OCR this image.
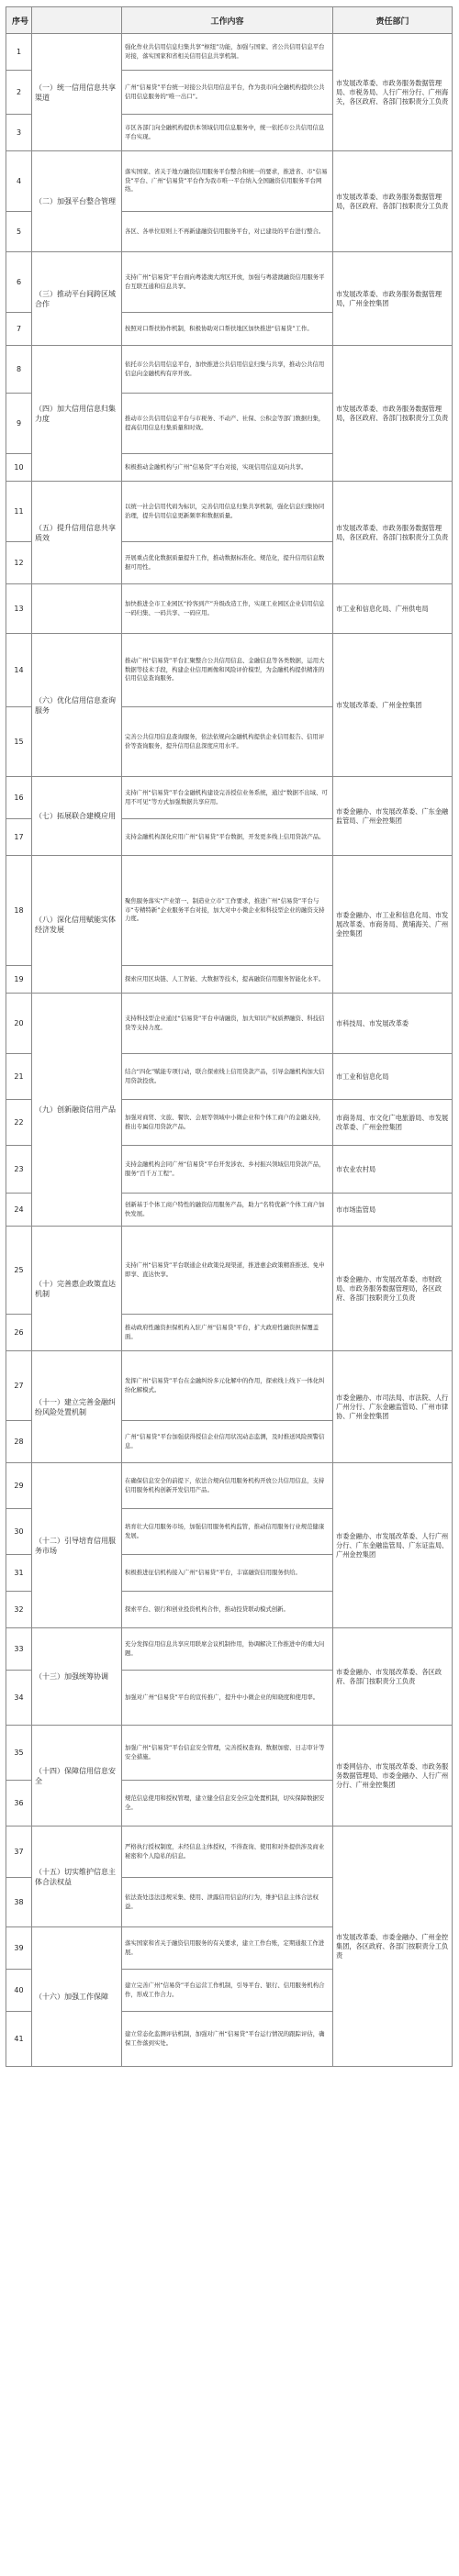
序号		工作内容	责任部门
1	（一）统一信用信息共享渠道	强化作业共信用信息归集共享“枢纽”功能，加强与国家、省公共信用信息平台对接，落实国家和省相关信用信息共享机制。	市发展改革委、市政务服务数据管理局、市税务局、人行广州分行、广州海关，各区政府、各部门按职责分工负责
2		广州“信易贷”平台统一对接公共信用信息平台，作为我市向全融机构提供公共信用信息服务的“唯一出口”。	
3		市区各部门向全融机构提供本领域信用信息服务中，统一依托市公共信用信息平台实现。	
4	（二）加强平台整合管理	落实国家、省关于地方融资信用服务平台整合和统一的要求，推进省、市“信易贷”平台、广州“信易贷”平台作为我市唯一平台纳入全国融资信用服务平台网络。	市发展改革委、市政务服务数据管理局，各区政府、各部门按职责分工负责
5		各区、各单位原则上不再新建融资信用服务平台，对已建设的平台进行整合。	
6	（三）推动平台间跨区域合作	支持广州“信易贷”平台面向粤港澳大湾区开放，加强与粤港澳融资信用服务平台互联互通和信息共享。	市发展改革委、市政务服务数据管理局，广州金控集团
7		按照对口帮扶协作机制，积极协助对口帮扶地区加快推进“信易贷”工作。	
8	（四）加大信用信息归集力度	依托市公共信用信息平台，加快推进公共信用信息归集与共享，推动公共信用信息向金融机构有序开放。	市发展改革委、市政务服务数据管理局，各区政府、各部门按职责分工负责
9		推动市公共信用信息平台与市税务、不动产、社保、公积金等部门数据归集，提高信用信息归集质量和时效。	
10		积极推动金融机构与广州“信易贷”平台对接，实现信用信息双向共享。	
11	（五）提升信用信息共享质效	以统一社会信用代码为标识，完善信用信息归集共享机制，强化信息归集协同治理，提升信用信息更新频率和数据质量。	市发展改革委、市政务服务数据管理局，各区政府、各部门按职责分工负责
12		开展重点优化数据质量提升工作，推动数据标准化、规范化，提升信用信息数据可用性。	
13		加快推进全市工业园区“拎客到产”升级改造工作，实现工业园区企业信用信息一码归集、一码共享、一码应用。	市工业和信息化局、广州供电局
14	（六）优化信用信息查询服务	推动广州“信易贷”平台汇聚整合公共信用信息、金融信息等各类数据，运用大数据等技术手段，构建企业信用画像和风险评价模型，为金融机构提供精准的信用信息查询服务。	市发展改革委、广州金控集团
15		完善公共信用信息查询服务，依法依规向金融机构提供企业信用报告、信用评价等查询服务，提升信用信息深度应用水平。	
16	（七）拓展联合建模应用	支持广州“信易贷”平台金融机构建设完善授信业务系统，通过“数据不出域、可用不可见”等方式加强数据共享应用。	市委金融办、市发展改革委、广东金融监管局、广州金控集团
17		支持金融机构深化应用广州“信易贷”平台数据，开发更多线上信用贷款产品。	
18	（八）深化信用赋能实体经济发展	聚焦服务落实“产业第一、制造业立市”工作要求，推进广州“信易贷”平台与市“专精特新”企业服务平台对接，加大对中小微企业和科技型企业的融资支持力度。	市委金融办、市工业和信息化局、市发展改革委、市商务局、黄埔海关、广州金控集团
19		探索应用区块链、人工智能、大数据等技术，提高融资信用服务智能化水平。	
20	（九）创新融资信用产品	支持科技型企业通过“信易贷”平台申请融资，加大知识产权质押融资、科技信贷等支持力度。	市科技局、市发展改革委
21		结合“四化”赋能专项行动，联合探索线上信用贷款产品，引导金融机构加大信用贷款投放。	市工业和信息化局
22		加强对商贸、文旅、餐饮、会展等领域中小微企业和个体工商户的金融支持，推出专属信用贷款产品。	市商务局、市文化广电旅游局、市发展改革委、广州金控集团
23		支持金融机构会同广州“信易贷”平台开发涉农、乡村振兴领域信用贷款产品，服务“百千万工程”。	市农业农村局
24		创新基于个体工商户特性的融资信用服务产品，助力“名特优新”个体工商户加快发展。	市市场监管局
25	（十）完善惠企政策直达机制	支持广州“信易贷”平台联通企业政策兑现渠道，推进惠企政策精准推送、免申即享、直达快享。	市委金融办、市发展改革委、市财政局、市政务服务数据管理局，各区政府、各部门按职责分工负责
26		推动政府性融资担保机构入驻广州“信易贷”平台，扩大政府性融资担保覆盖面。	
27	（十一）建立完善金融纠纷风险处置机制	发挥广州“信易贷”平台在金融纠纷多元化解中的作用，探索线上线下一体化纠纷化解模式。	市委金融办、市司法局、市法院、人行广州分行、广东金融监管局、广州市律协、广州金控集团
28		广州“信易贷”平台加强获得授信企业信用状况动态监测，及时推送风险预警信息。	
29	（十二）引导培育信用服务市场	在确保信息安全的前提下，依法合规向信用服务机构开放公共信用信息，支持信用服务机构创新开发信用产品。	市委金融办、市发展改革委、人行广州分行、广东金融监管局、广东证监局、广州金控集团
30		培育壮大信用服务市场，加强信用服务机构监管，推动信用服务行业规范健康发展。	
31		积极推进征信机构接入广州“信易贷”平台，丰富融资信用服务供给。	
32		探索平台、银行和创业投资机构合作，推动投贷联动模式创新。	
33	（十三）加强统筹协调	充分发挥信用信息共享应用联席会议机制作用，协调解决工作推进中的重大问题。	市委金融办、市发展改革委、各区政府、各部门按职责分工负责
34		加强对广州“信易贷”平台的宣传推广，提升中小微企业的知晓度和使用率。	
35	（十四）保障信用信息安全	加强广州“信易贷”平台信息安全管理，完善授权查询、数据加密、日志审计等安全措施。	市委网信办、市发展改革委、市政务服务数据管理局、市委金融办、人行广州分行、广州金控集团
36		规范信息使用和授权管理，建立健全信息安全应急处置机制，切实保障数据安全。	
37	（十五）切实维护信息主体合法权益	严格执行授权制度，未经信息主体授权，不得查询、使用和对外提供涉及商业秘密和个人隐私的信息。	市发展改革委、市委金融办、广州金控集团，各区政府、各部门按职责分工负责
38		依法查处违法违规采集、使用、泄露信用信息的行为，维护信息主体合法权益。	
39	（十六）加强工作保障	落实国家和省关于融资信用服务的有关要求，建立工作台账，定期通报工作进展。	
40		建立完善广州“信易贷”平台运营工作机制，引导平台、银行、信用服务机构合作，形成工作合力。	
41		建立常态化监测评估机制，加强对广州“信易贷”平台运行情况的跟踪评估，确保工作落到实处。	
